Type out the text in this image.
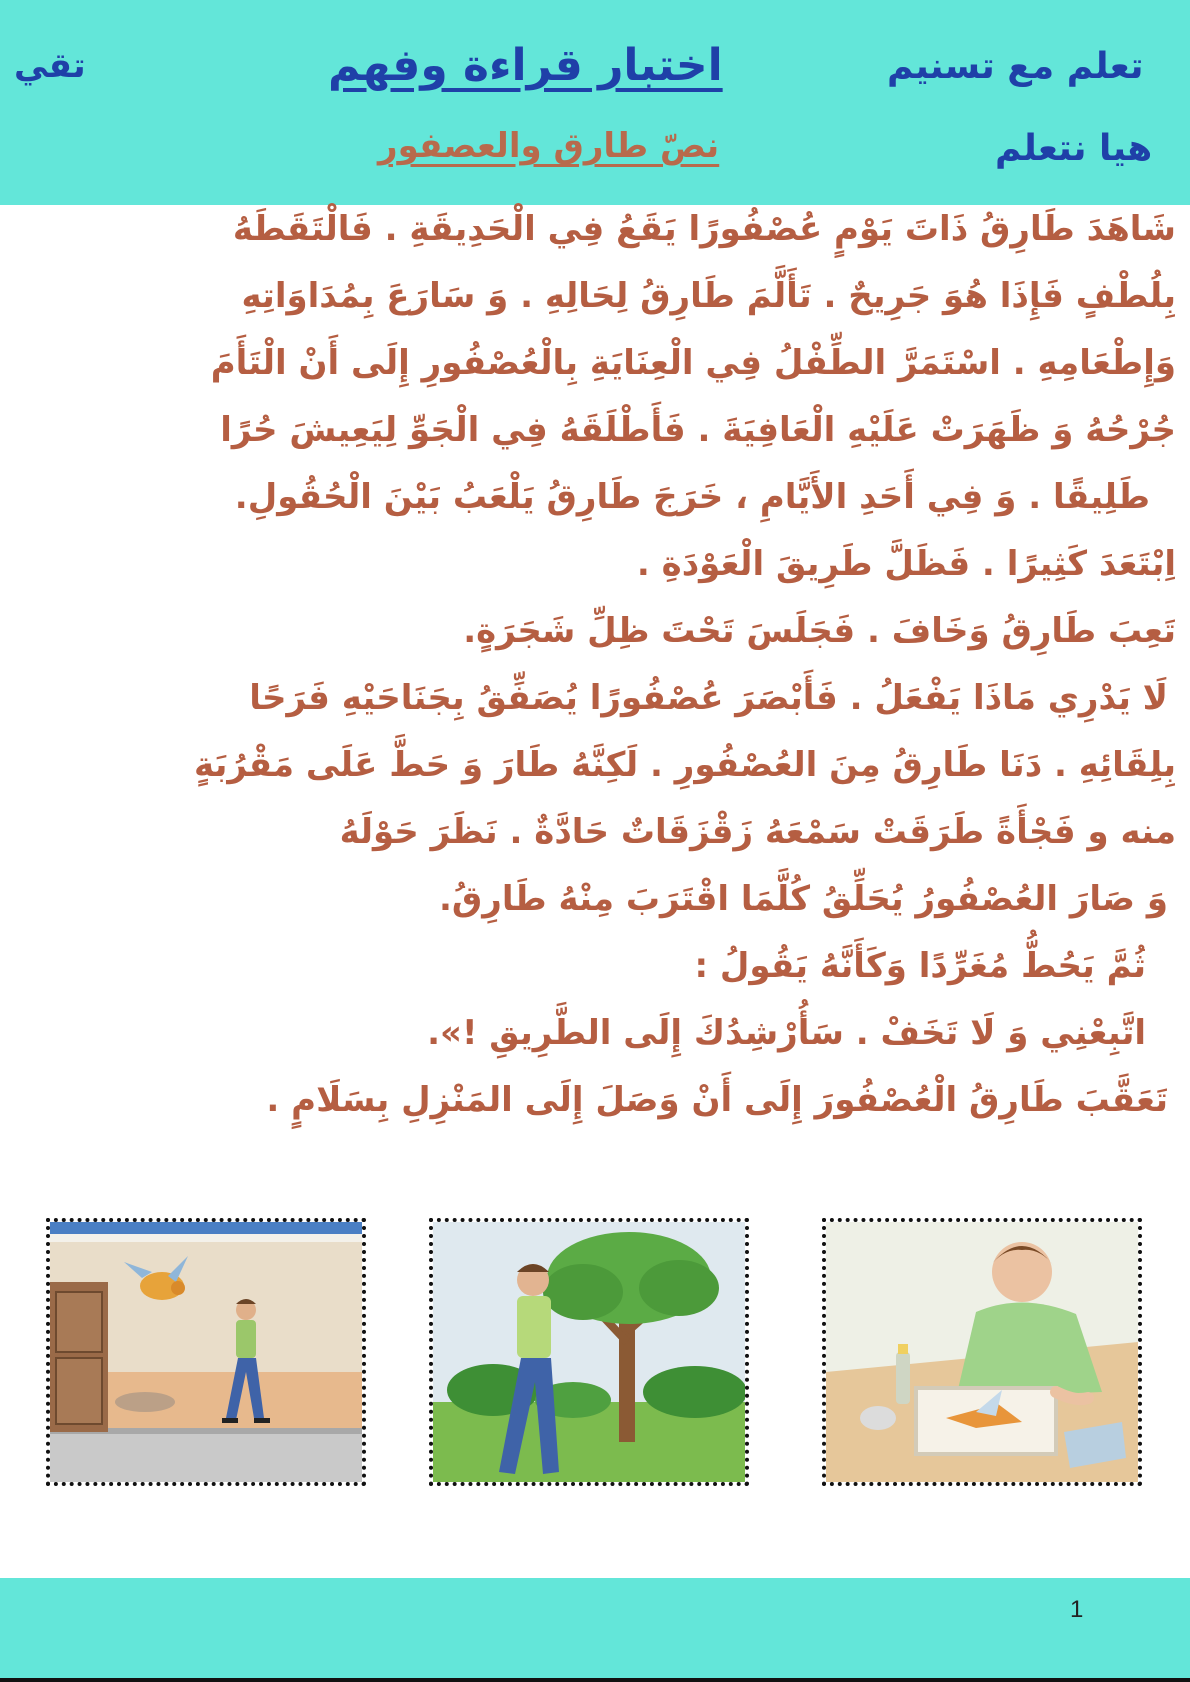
تعلم مع تسنيم
هيا نتعلم
اختبار قراءة وفهم
نصّ طارق والعصفور
تقي
شَاهَدَ طَارِقُ ذَاتَ يَوْمٍ عُصْفُورًا يَقَعُ فِي الْحَدِيقَةِ . فَالْتَقَطَهُ
بِلُطْفٍ فَإِذَا هُوَ جَرِيحٌ . تَأَلَّمَ طَارِقُ لِحَالِهِ . وَ سَارَعَ بِمُدَاوَاتِهِ
وَإِطْعَامِهِ . اسْتَمَرَّ الطِّفْلُ فِي الْعِنَايَةِ بِالْعُصْفُورِ إِلَى أَنْ الْتَأَمَ
جُرْحُهُ وَ ظَهَرَتْ عَلَيْهِ الْعَافِيَةَ . فَأَطْلَقَهُ فِي الْجَوِّ لِيَعِيشَ حُرًا
طَلِيقًا . وَ فِي أَحَدِ الأَيَّامِ ، خَرَجَ طَارِقُ يَلْعَبُ بَيْنَ الْحُقُولِ.
اِبْتَعَدَ كَثِيرًا . فَظَلَّ طَرِيقَ الْعَوْدَةِ .
تَعِبَ طَارِقُ وَخَافَ . فَجَلَسَ تَحْتَ ظِلِّ شَجَرَةٍ.
لَا يَدْرِي مَاذَا يَفْعَلُ . فَأَبْصَرَ عُصْفُورًا يُصَفِّقُ بِجَنَاحَيْهِ فَرَحًا
بِلِقَائِهِ . دَنَا طَارِقُ مِنَ العُصْفُورِ . لَكِنَّهُ طَارَ وَ حَطَّ عَلَى مَقْرُبَةٍ
منه و فَجْأَةً طَرَقَتْ سَمْعَهُ زَقْزَقَاتٌ حَادَّةٌ . نَظَرَ حَوْلَهُ
وَ صَارَ العُصْفُورُ يُحَلِّقُ كُلَّمَا اقْتَرَبَ مِنْهُ طَارِقُ.
ثُمَّ يَحُطُّ مُغَرِّدًا وَكَأَنَّهُ يَقُولُ :
اتَّبِعْنِي وَ لَا تَخَفْ . سَأُرْشِدُكَ إِلَى الطَّرِيقِ !».
تَعَقَّبَ طَارِقُ الْعُصْفُورَ إِلَى أَنْ وَصَلَ إِلَى المَنْزِلِ بِسَلَامٍ .
1
